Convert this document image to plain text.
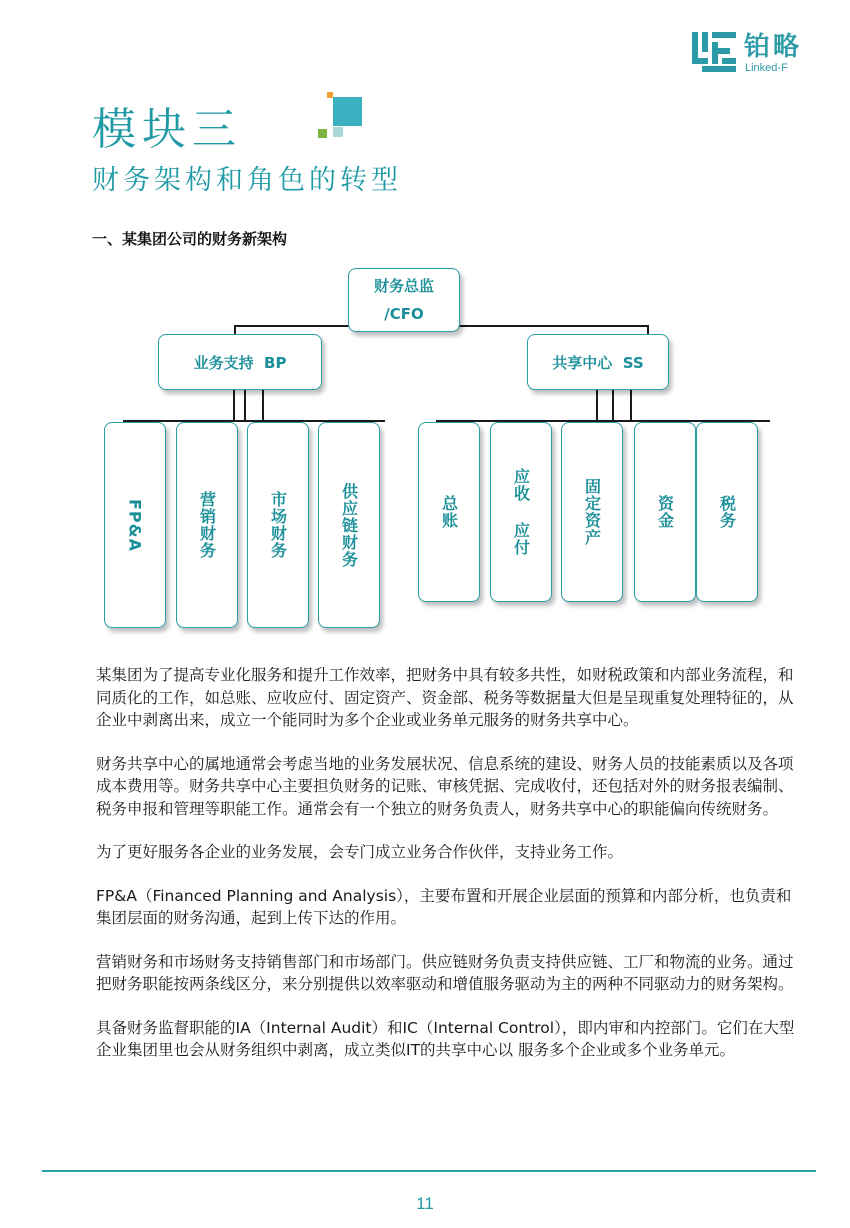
铂略
Linked-F
模块三
财务架构和角色的转型
一、某集团公司的财务新架构
财务总监
/CFO
业务支持  BP	共享中心  SS
FP&A	营销财务	市场财务	供应链财务	总账	应收 应付	固定资产	资金	税务

某集团为了提高专业化服务和提升工作效率，把财务中具有较多共性，如财税政策和内部业务流程，和同质化的工作，如总账、应收应付、固定资产、资金部、税务等数据量大但是呈现重复处理特征的，从企业中剥离出来，成立一个能同时为多个企业或业务单元服务的财务共享中心。

财务共享中心的属地通常会考虑当地的业务发展状况、信息系统的建设、财务人员的技能素质以及各项成本费用等。财务共享中心主要担负财务的记账、审核凭据、完成收付，还包括对外的财务报表编制、税务申报和管理等职能工作。通常会有一个独立的财务负责人，财务共享中心的职能偏向传统财务。

为了更好服务各企业的业务发展，会专门成立业务合作伙伴，支持业务工作。

FP&A（Financed Planning and Analysis），主要布置和开展企业层面的预算和内部分析，也负责和集团层面的财务沟通，起到上传下达的作用。

营销财务和市场财务支持销售部门和市场部门。供应链财务负责支持供应链、工厂和物流的业务。通过把财务职能按两条线区分，来分别提供以效率驱动和增值服务驱动为主的两种不同驱动力的财务架构。

具备财务监督职能的IA（Internal Audit）和IC（Internal Control），即内审和内控部门。它们在大型企业集团里也会从财务组织中剥离，成立类似IT的共享中心以 服务多个企业或多个业务单元。

11
